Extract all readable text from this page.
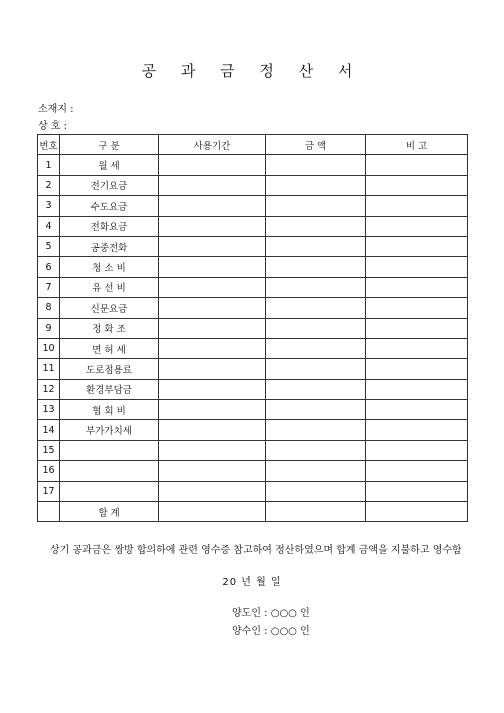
공 과 금 정 산 서
소재지 :
상 호 :
번호	구 분	사용기간	금 액	비 고
1	월 세			
2	전기요금			
3	수도요금			
4	전화요금			
5	공중전화			
6	청 소 비			
7	유 선 비			
8	신문요금			
9	정 화 조			
10	면 허 세			
11	도로점용료			
12	환경부담금			
13	협 회 비			
14	부가가치세			
15				
16				
17				
	합 계			
상기 공과금은 쌍방 합의하에 관련 영수증 참고하여 정산하였으며 합계 금액을 지불하고 영수함
20 년 월 일
양도인 : ○○○ 인
양수인 : ○○○ 인
